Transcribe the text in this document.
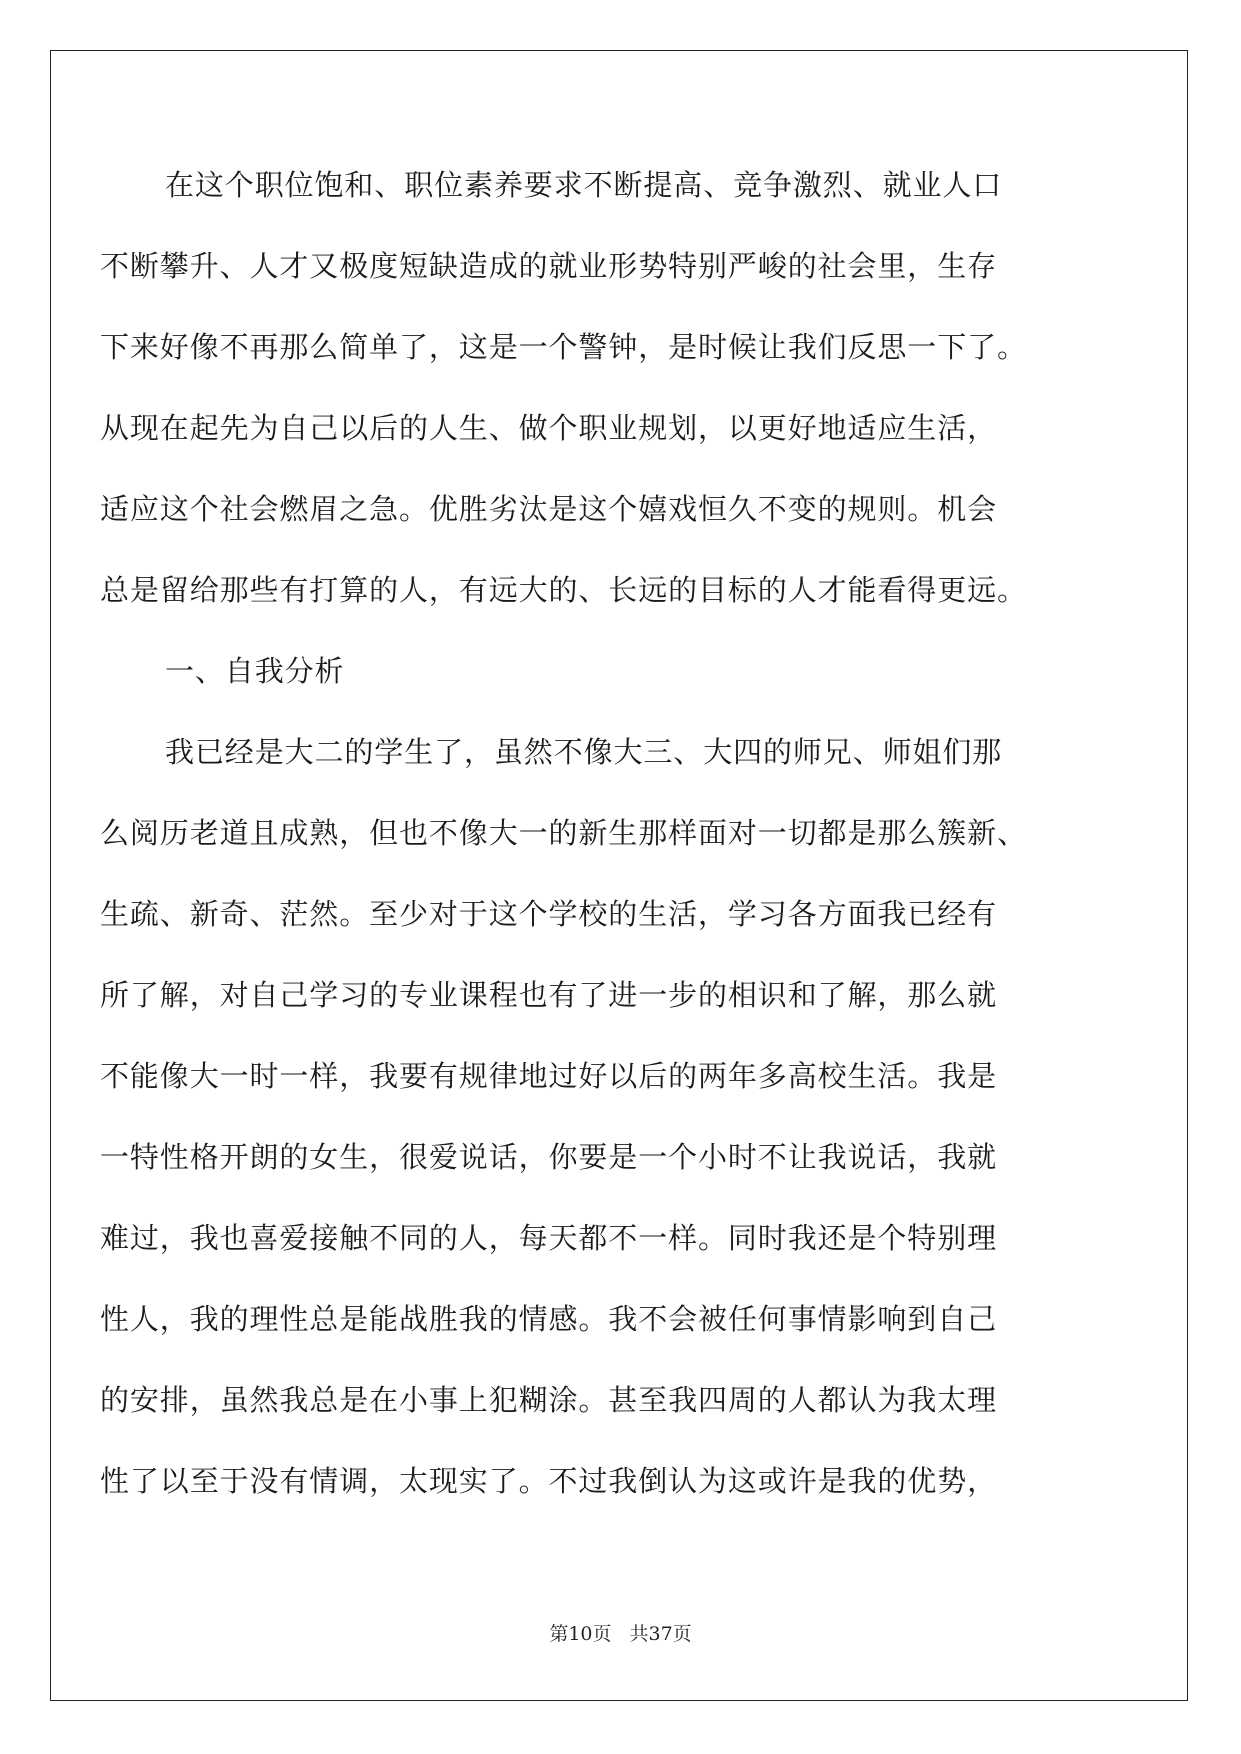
在这个职位饱和、职位素养要求不断提高、竞争激烈、就业人口
不断攀升、人才又极度短缺造成的就业形势特别严峻的社会里，生存
下来好像不再那么简单了，这是一个警钟，是时候让我们反思一下了。
从现在起先为自己以后的人生、做个职业规划，以更好地适应生活，
适应这个社会燃眉之急。优胜劣汰是这个嬉戏恒久不变的规则。机会
总是留给那些有打算的人，有远大的、长远的目标的人才能看得更远。
一、自我分析
我已经是大二的学生了，虽然不像大三、大四的师兄、师姐们那
么阅历老道且成熟，但也不像大一的新生那样面对一切都是那么簇新、
生疏、新奇、茫然。至少对于这个学校的生活，学习各方面我已经有
所了解，对自己学习的专业课程也有了进一步的相识和了解，那么就
不能像大一时一样，我要有规律地过好以后的两年多高校生活。我是
一特性格开朗的女生，很爱说话，你要是一个小时不让我说话，我就
难过，我也喜爱接触不同的人，每天都不一样。同时我还是个特别理
性人，我的理性总是能战胜我的情感。我不会被任何事情影响到自己
的安排，虽然我总是在小事上犯糊涂。甚至我四周的人都认为我太理
性了以至于没有情调，太现实了。不过我倒认为这或许是我的优势，
第10页 共37页
